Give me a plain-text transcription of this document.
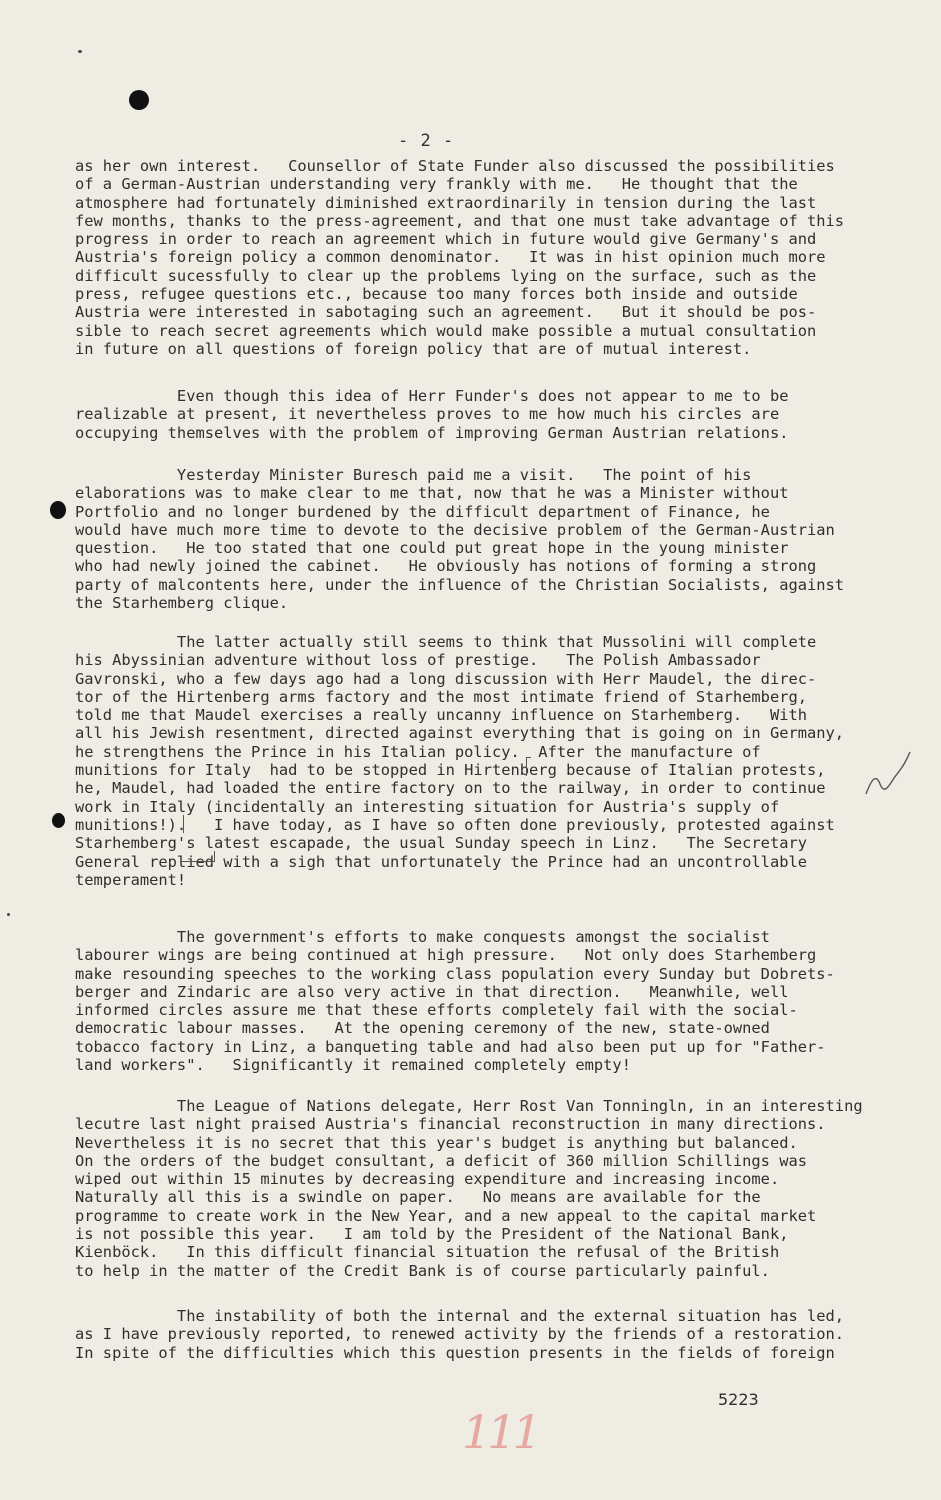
- 2 -
as her own interest.   Counsellor of State Funder also discussed the possibilities
of a German-Austrian understanding very frankly with me.   He thought that the
atmosphere had fortunately diminished extraordinarily in tension during the last
few months, thanks to the press-agreement, and that one must take advantage of this
progress in order to reach an agreement which in future would give Germany's and
Austria's foreign policy a common denominator.   It was in hist opinion much more
difficult sucessfully to clear up the problems lying on the surface, such as the
press, refugee questions etc., because too many forces both inside and outside
Austria were interested in sabotaging such an agreement.   But it should be pos-
sible to reach secret agreements which would make possible a mutual consultation
in future on all questions of foreign policy that are of mutual interest.
Even though this idea of Herr Funder's does not appear to me to be
realizable at present, it nevertheless proves to me how much his circles are
occupying themselves with the problem of improving German Austrian relations.
Yesterday Minister Buresch paid me a visit.   The point of his
elaborations was to make clear to me that, now that he was a Minister without
Portfolio and no longer burdened by the difficult department of Finance, he
would have much more time to devote to the decisive problem of the German-Austrian
question.   He too stated that one could put great hope in the young minister
who had newly joined the cabinet.   He obviously has notions of forming a strong
party of malcontents here, under the influence of the Christian Socialists, against
the Starhemberg clique.
The latter actually still seems to think that Mussolini will complete
his Abyssinian adventure without loss of prestige.   The Polish Ambassador
Gavronski, who a few days ago had a long discussion with Herr Maudel, the direc-
tor of the Hirtenberg arms factory and the most intimate friend of Starhemberg,
told me that Maudel exercises a really uncanny influence on Starhemberg.   With
all his Jewish resentment, directed against everything that is going on in Germany,
he strengthens the Prince in his Italian policy.  After the manufacture of
munitions for Italy  had to be stopped in Hirtenberg because of Italian protests,
he, Maudel, had loaded the entire factory on to the railway, in order to continue
work in Italy (incidentally an interesting situation for Austria's supply of
munitions!).   I have today, as I have so often done previously, protested against
Starhemberg's latest escapade, the usual Sunday speech in Linz.   The Secretary
General replied with a sigh that unfortunately the Prince had an uncontrollable
temperament!
The government's efforts to make conquests amongst the socialist
labourer wings are being continued at high pressure.   Not only does Starhemberg
make resounding speeches to the working class population every Sunday but Dobrets-
berger and Zindaric are also very active in that direction.   Meanwhile, well
informed circles assure me that these efforts completely fail with the social-
democratic labour masses.   At the opening ceremony of the new, state-owned
tobacco factory in Linz, a banqueting table and had also been put up for "Father-
land workers".   Significantly it remained completely empty!
The League of Nations delegate, Herr Rost Van Tonningln, in an interesting
lecutre last night praised Austria's financial reconstruction in many directions.
Nevertheless it is no secret that this year's budget is anything but balanced.
On the orders of the budget consultant, a deficit of 360 million Schillings was
wiped out within 15 minutes by decreasing expenditure and increasing income.
Naturally all this is a swindle on paper.   No means are available for the
programme to create work in the New Year, and a new appeal to the capital market
is not possible this year.   I am told by the President of the National Bank,
Kienböck.   In this difficult financial situation the refusal of the British
to help in the matter of the Credit Bank is of course particularly painful.
The instability of both the internal and the external situation has led,
as I have previously reported, to renewed activity by the friends of a restoration.
In spite of the difficulties which this question presents in the fields of foreign
5223
111
